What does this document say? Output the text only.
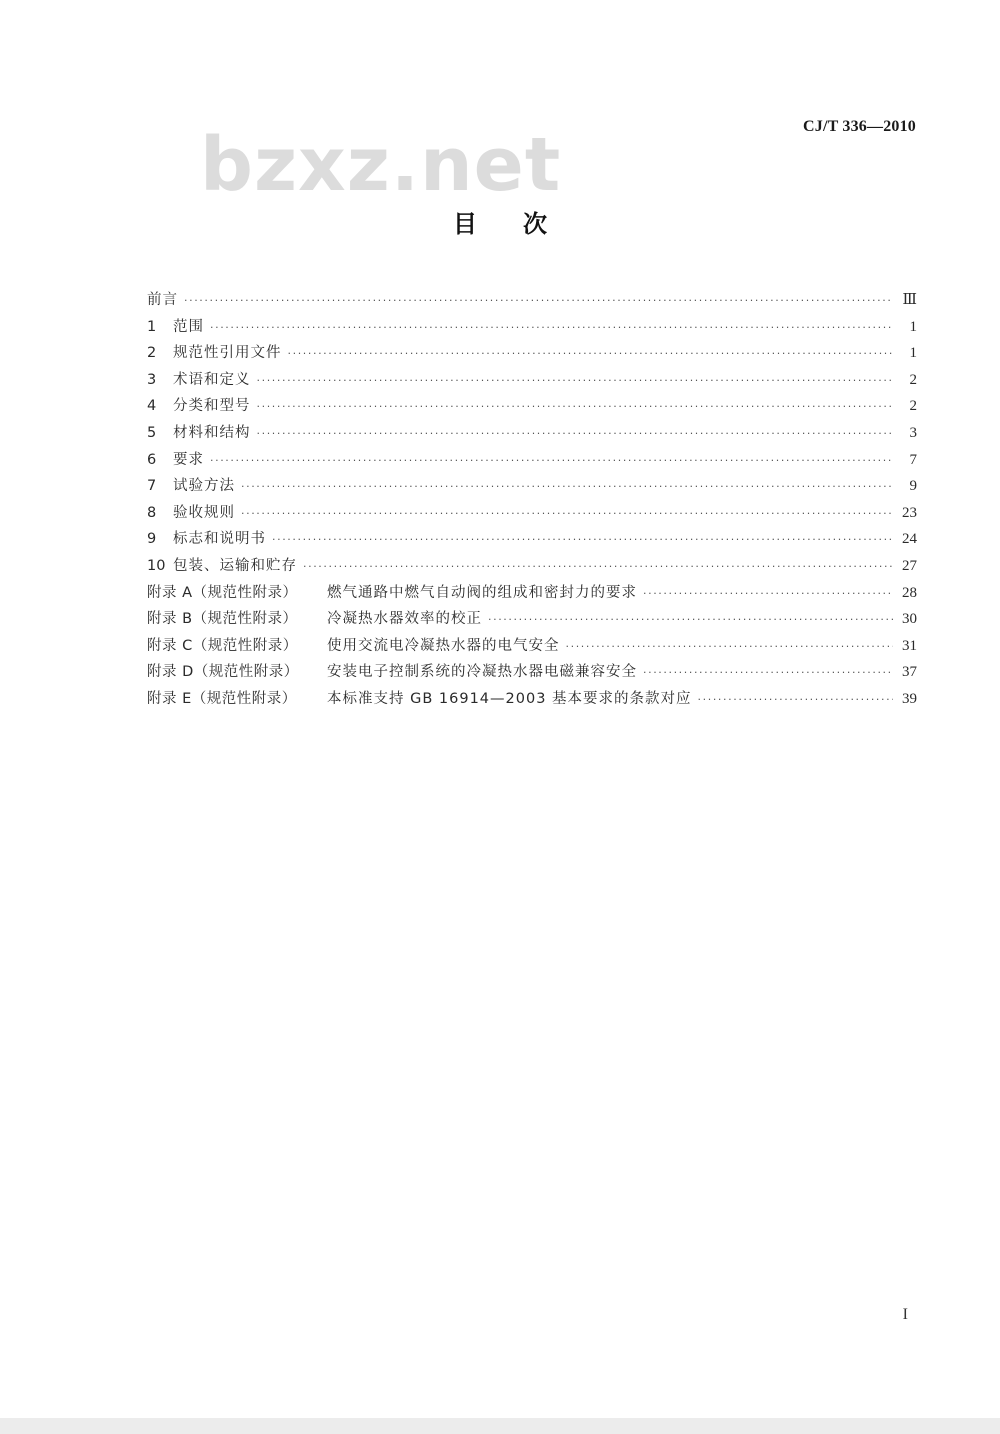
CJ/T 336—2010
bzxz.net
目次
前言 ·····	Ⅲ
1	范围 ·····	1
2	规范性引用文件 ·····	1
3	术语和定义 ·····	2
4	分类和型号 ·····	2
5	材料和结构 ·····	3
6	要求 ·····	7
7	试验方法 ·····	9
8	验收规则 ·····	23
9	标志和说明书 ·····	24
10 包装、运输和贮存 ·····	27
附录 A（规范性附录）	燃气通路中燃气自动阀的组成和密封力的要求 ·····	28
附录 B（规范性附录）	冷凝热水器效率的校正 ·····	30
附录 C（规范性附录）	使用交流电冷凝热水器的电气安全 ·····	31
附录 D（规范性附录）	安装电子控制系统的冷凝热水器电磁兼容安全 ·····	37
附录 E（规范性附录）	本标准支持 GB 16914—2003 基本要求的条款对应 ·····	39
I
